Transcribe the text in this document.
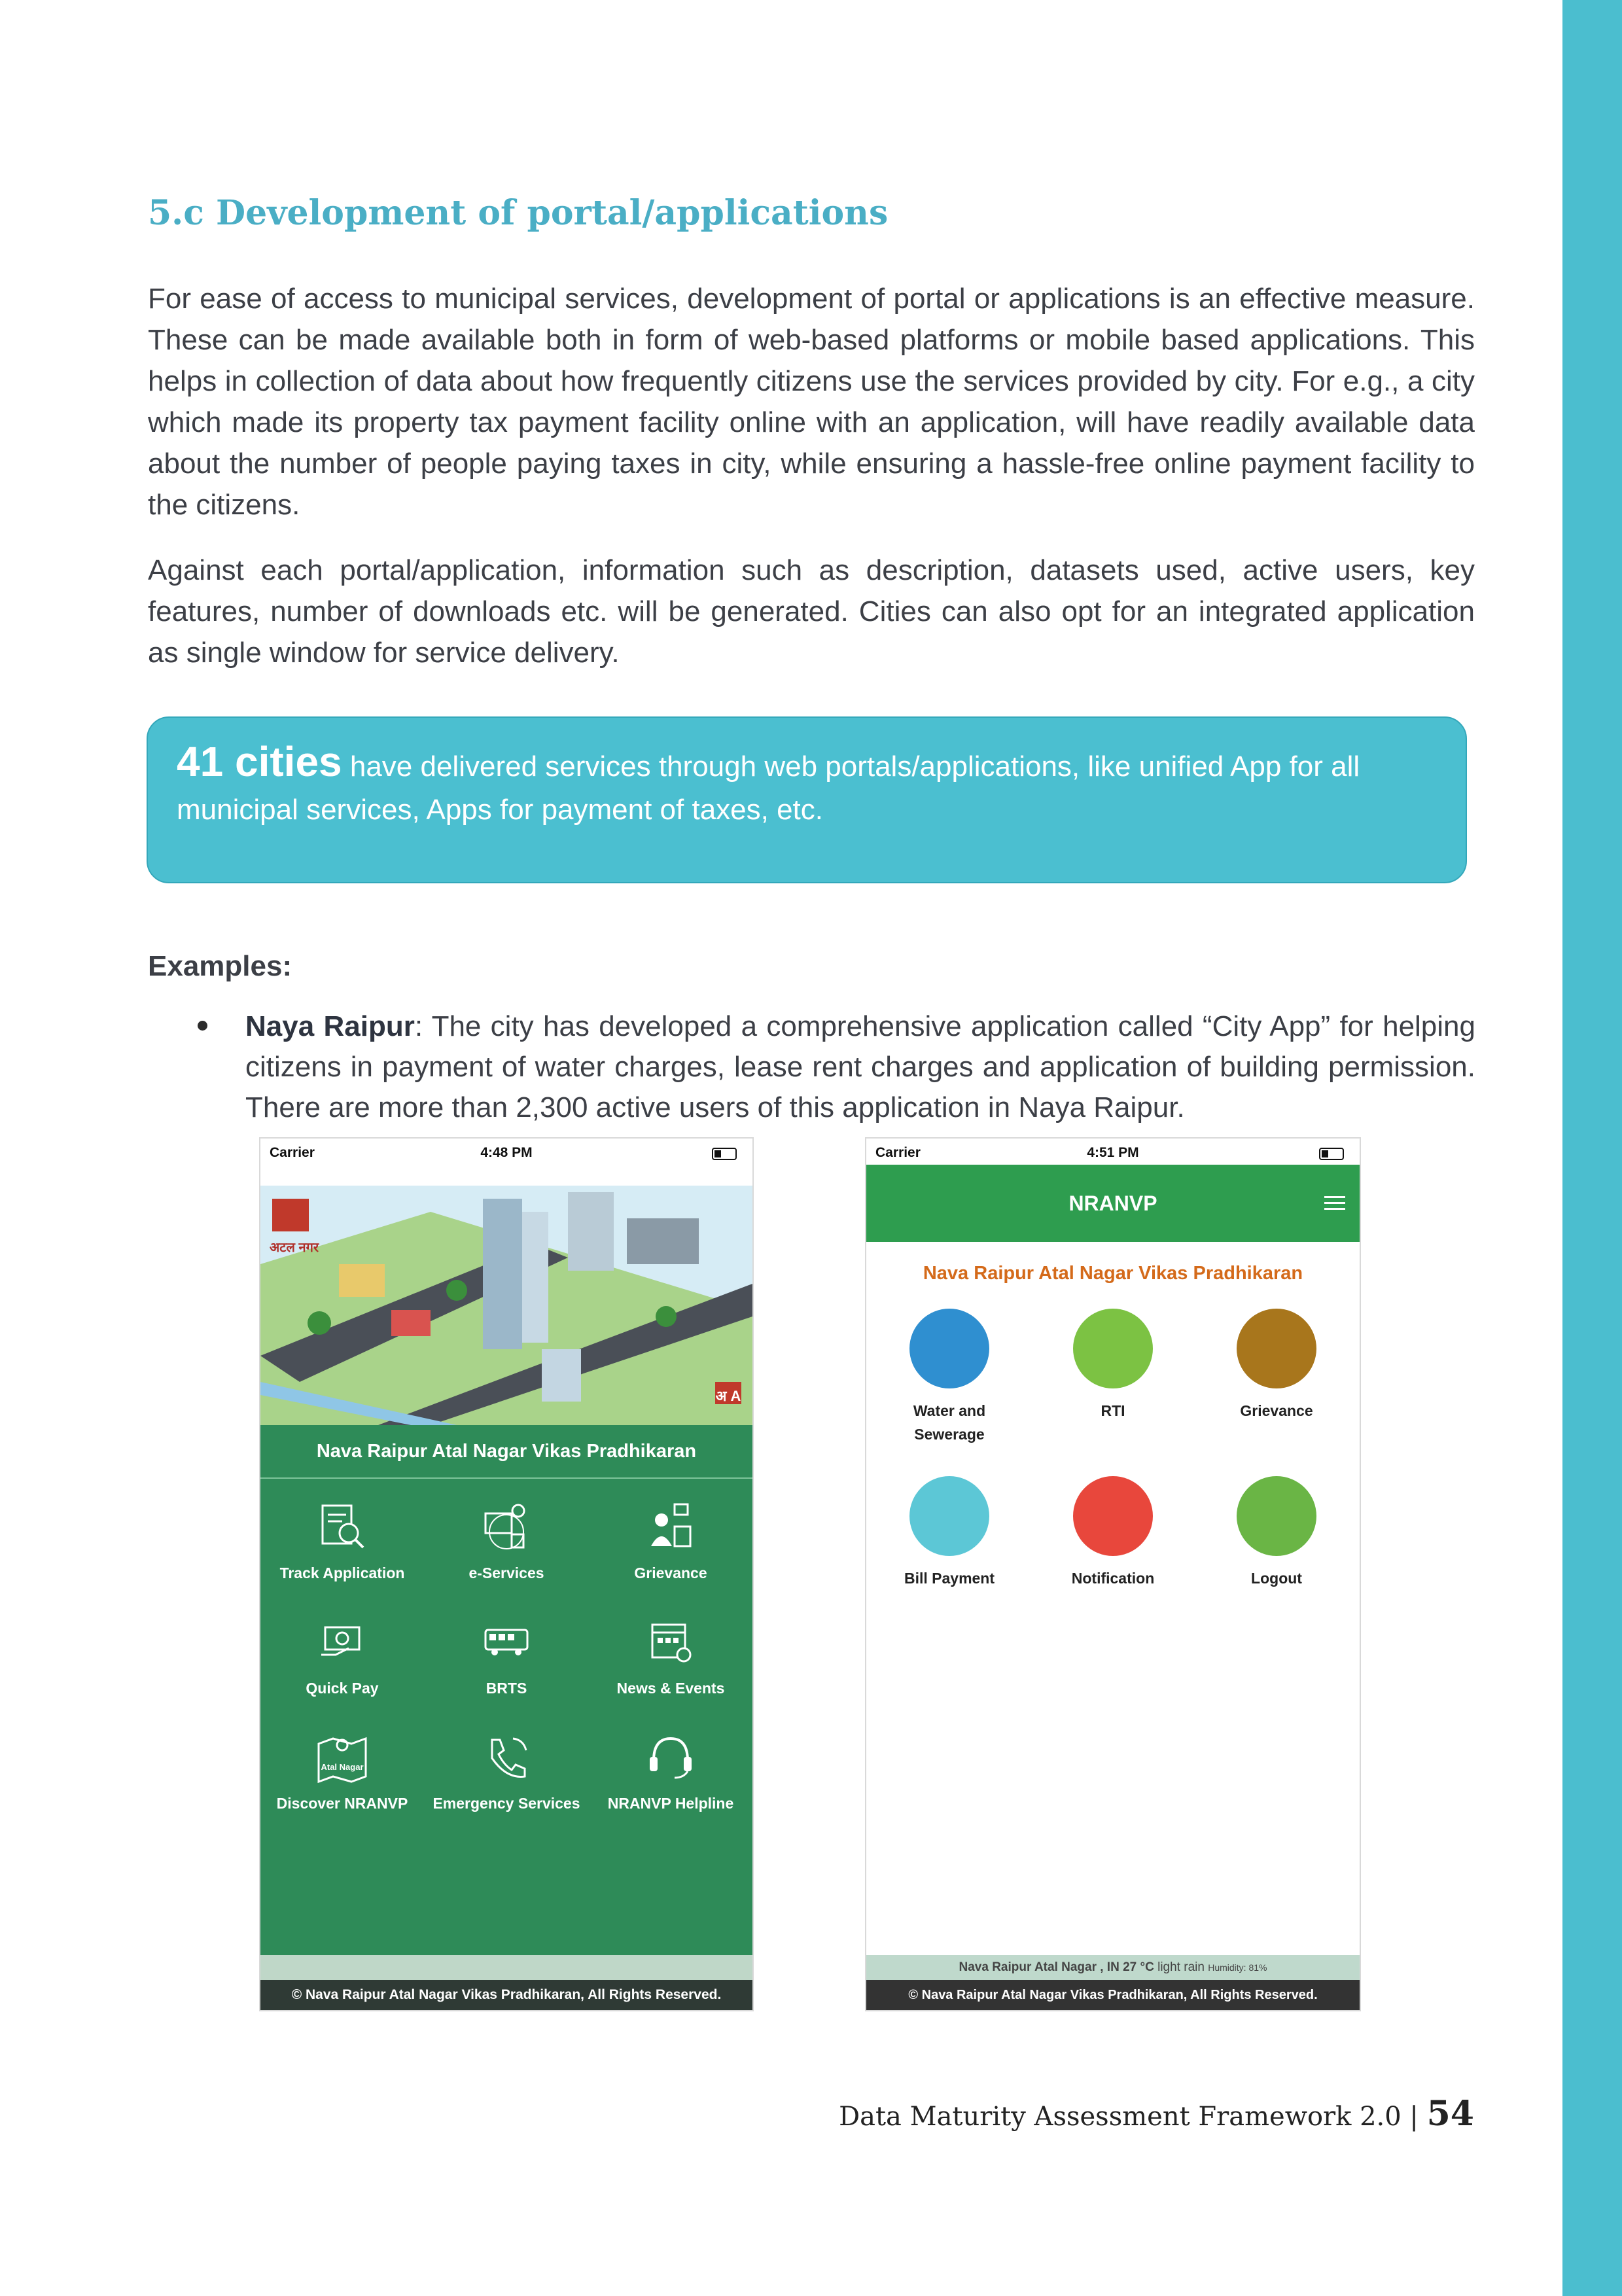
5.c Development of portal/applications

For ease of access to municipal services, development of portal or applications is an effective measure. These can be made available both in form of web-based platforms or mobile based applications. This helps in collection of data about how frequently citizens use the services provided by city. For e.g., a city which made its property tax payment facility online with an application, will have readily available data about the number of people paying taxes in city, while ensuring a hassle-free online payment facility to the citizens.

Against each portal/application, information such as description, datasets used, active users, key features, number of downloads etc. will be generated. Cities can also opt for an integrated application as single window for service delivery.

41 cities have delivered services through web portals/applications, like unified App for all municipal services, Apps for payment of taxes, etc.
Examples:

Naya Raipur: The city has developed a comprehensive application called “City App” for helping citizens in payment of water charges, lease rent charges and application of building permission. There are more than 2,300 active users of this application in Naya Raipur.

Carrier	4:48 PM
अटल नगर
अ A
Nava Raipur Atal Nagar Vikas Pradhikaran
Track Application	e-Services	Grievance
Quick Pay	BRTS	News & Events
Atal Nagar
Discover NRANVP	Emergency Services	NRANVP Helpline
© Nava Raipur Atal Nagar Vikas Pradhikaran, All Rights Reserved.
Carrier	4:51 PM
NRANVP
Nava Raipur Atal Nagar Vikas Pradhikaran
Water and Sewerage
RTI	Grievance
Bill Payment	Notification	Logout
Nava Raipur Atal Nagar , IN 27 °C light rain Humidity: 81%
© Nava Raipur Atal Nagar Vikas Pradhikaran, All Rights Reserved.
Data Maturity Assessment Framework 2.0 | 54
